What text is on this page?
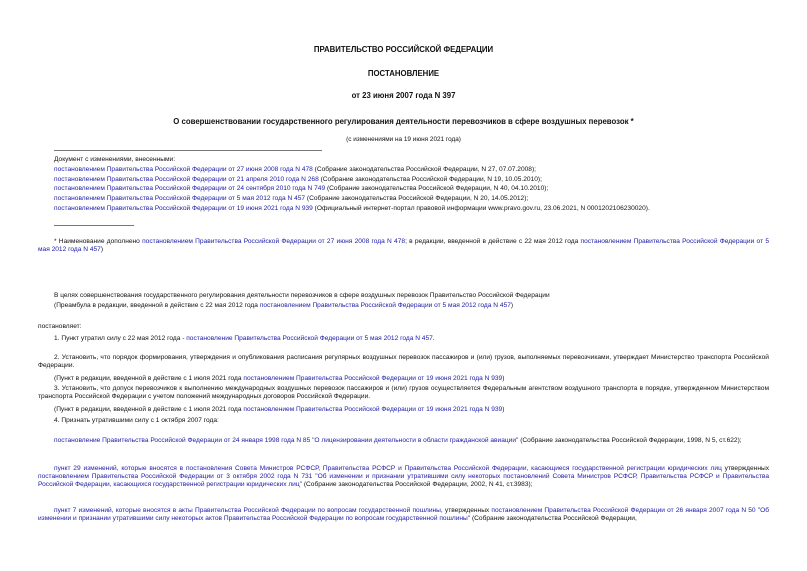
ПРАВИТЕЛЬСТВО РОССИЙСКОЙ ФЕДЕРАЦИИ
ПОСТАНОВЛЕНИЕ
от 23 июня 2007 года N 397
О совершенствовании государственного регулирования деятельности перевозчиков в сфере воздушных перевозок *
(с изменениями на 19 июня 2021 года)

Документ с изменениями, внесенными:

постановлением Правительства Российской Федерации от 27 июня 2008 года N 478 (Собрание законодательства Российской Федерации, N 27, 07.07.2008);

постановлением Правительства Российской Федерации от 21 апреля 2010 года N 268 (Собрание законодательства Российской Федерации, N 19, 10.05.2010);

постановлением Правительства Российской Федерации от 24 сентября 2010 года N 749 (Собрание законодательства Российской Федерации, N 40, 04.10.2010);

постановлением Правительства Российской Федерации от 5 мая 2012 года N 457 (Собрание законодательства Российской Федерации, N 20, 14.05.2012);

постановлением Правительства Российской Федерации от 19 июня 2021 года N 939 (Официальный интернет-портал правовой информации www.pravo.gov.ru, 23.06.2021, N 0001202106230020).

* Наименование дополнено постановлением Правительства Российской Федерации от 27 июня 2008 года N 478; в редакции, введенной в действие с 22 мая 2012 года постановлением Правительства Российской Федерации от 5 мая 2012 года N 457)
В целях совершенствования государственного регулирования деятельности перевозчиков в сфере воздушных перевозок Правительство Российской Федерации
(Преамбула в редакции, введенной в действие с 22 мая 2012 года постановлением Правительства Российской Федерации от 5 мая 2012 года N 457)
постановляет:
1. Пункт утратил силу с 22 мая 2012 года - постановление Правительства Российской Федерации от 5 мая 2012 года N 457.
2. Установить, что порядок формирования, утверждения и опубликования расписания регулярных воздушных перевозок пассажиров и (или) грузов, выполняемых перевозчиками, утверждает Министерство транспорта Российской Федерации.
(Пункт в редакции, введенной в действие с 1 июля 2021 года постановлением Правительства Российской Федерации от 19 июня 2021 года N 939)
3. Установить, что допуск перевозчиков к выполнению международных воздушных перевозок пассажиров и (или) грузов осуществляется Федеральным агентством воздушного транспорта в порядке, утвержденном Министерством транспорта Российской Федерации с учетом положений международных договоров Российской Федерации.
(Пункт в редакции, введенной в действие с 1 июля 2021 года постановлением Правительства Российской Федерации от 19 июня 2021 года N 939)
4. Признать утратившими силу с 1 октября 2007 года:
постановление Правительства Российской Федерации от 24 января 1998 года N 85 "О лицензировании деятельности в области гражданской авиации" (Собрание законодательства Российской Федерации, 1998, N 5, ст.622);
пункт 29 изменений, которые вносятся в постановления Совета Министров РСФСР, Правительства РСФСР и Правительства Российской Федерации, касающиеся государственной регистрации юридических лиц утвержденных постановлением Правительства Российской Федерации от 3 октября 2002 года N 731 "Об изменении и признании утратившими силу некоторых постановлений Совета Министров РСФСР, Правительства РСФСР и Правительства Российской Федерации, касающихся государственной регистрации юридических лиц" (Собрание законодательства Российской Федерации, 2002, N 41, ст.3983);
пункт 7 изменений, которые вносятся в акты Правительства Российской Федерации по вопросам государственной пошлины, утвержденных постановлением Правительства Российской Федерации от 26 января 2007 года N 50 "Об изменении и признании утратившими силу некоторых актов Правительства Российской Федерации по вопросам государственной пошлины" (Собрание законодательства Российской Федерации,
